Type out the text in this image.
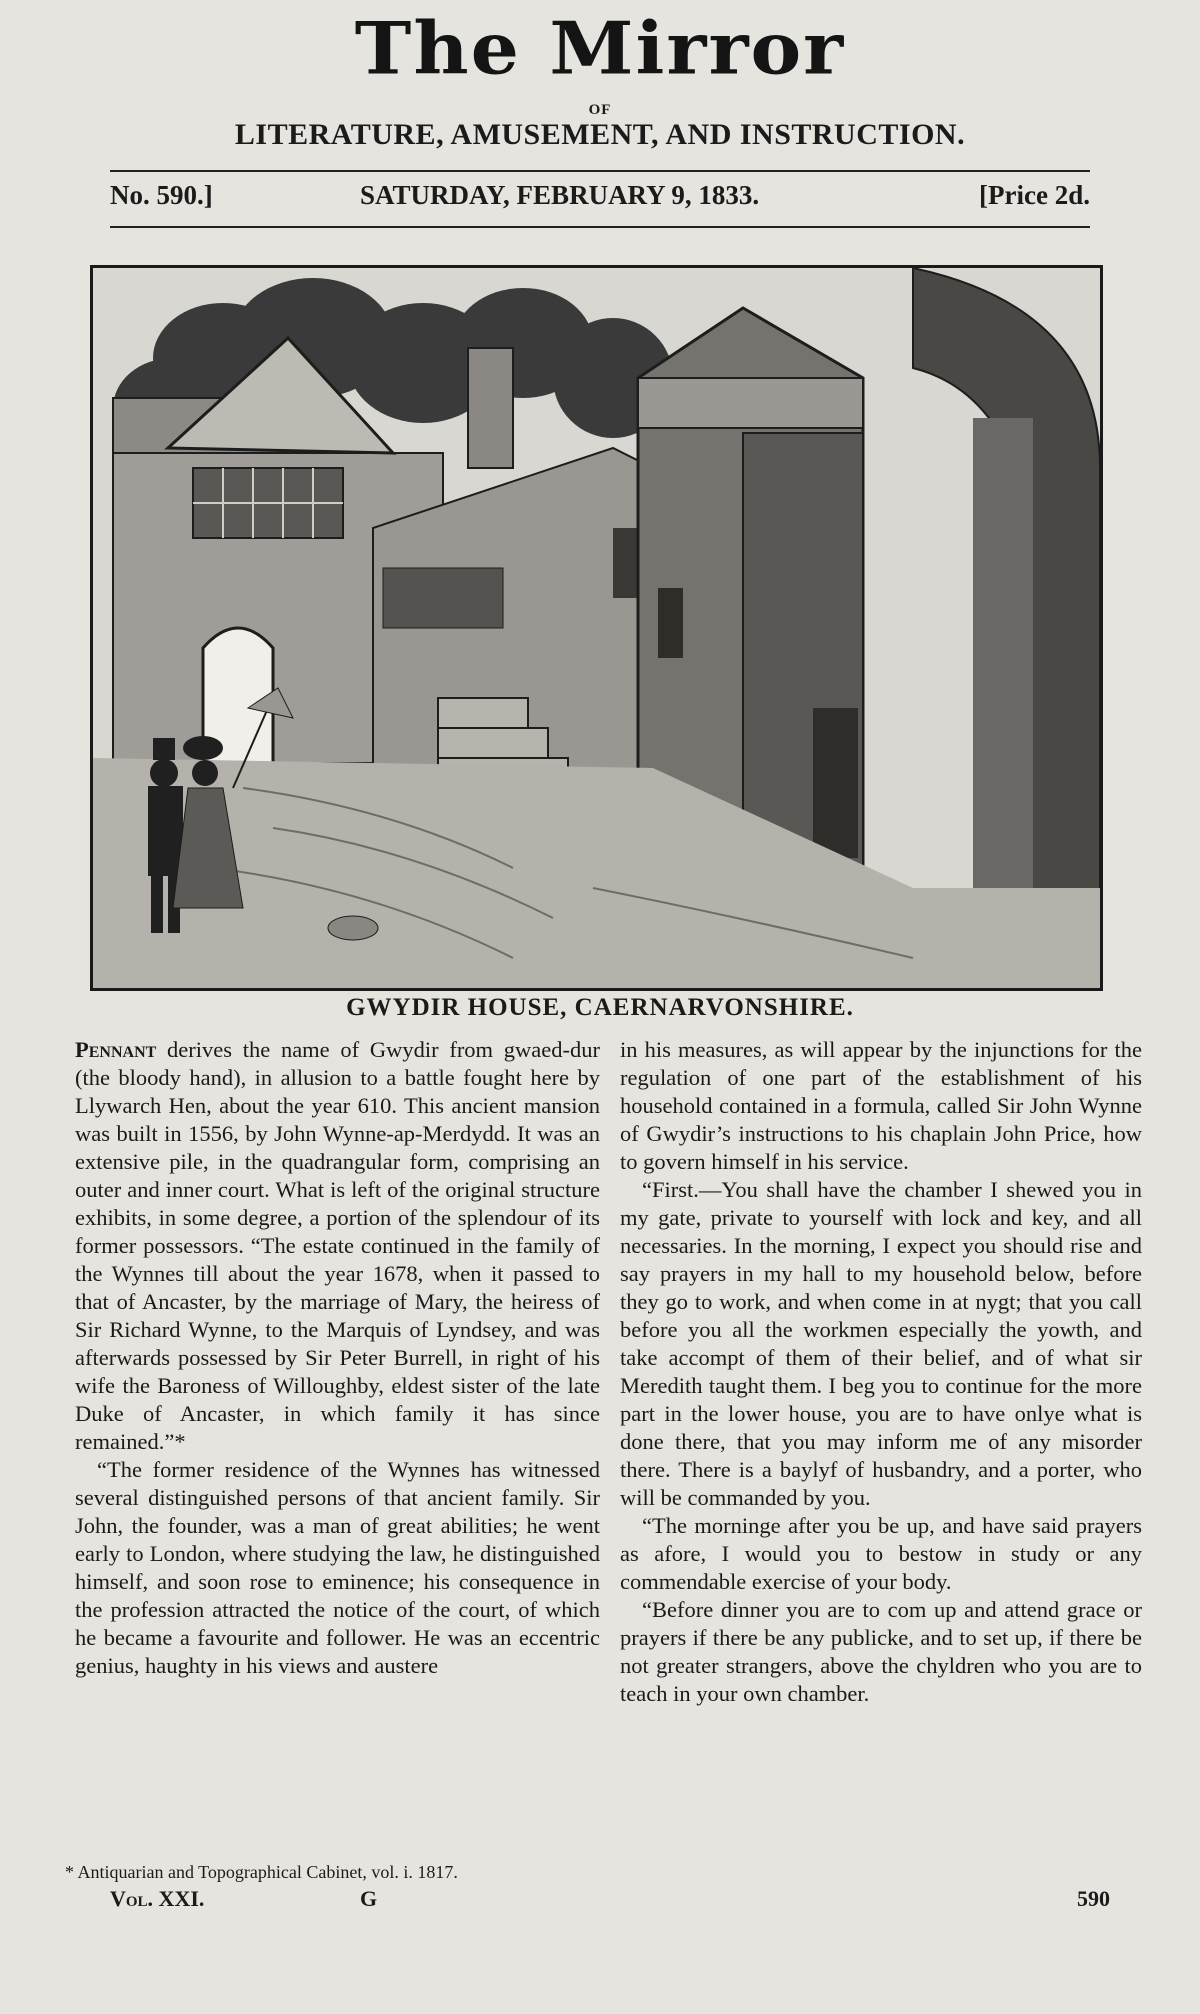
The Mirror
OF
LITERATURE, AMUSEMENT, AND INSTRUCTION.
No. 590.]	SATURDAY, FEBRUARY 9, 1833.	[Price 2d.
GWYDIR HOUSE, CAERNARVONSHIRE.

Pennant derives the name of Gwydir from gwaed-dur (the bloody hand), in allusion to a battle fought here by Llywarch Hen, about the year 610. This ancient mansion was built in 1556, by John Wynne-ap-Merdydd. It was an extensive pile, in the quadrangular form, comprising an outer and inner court. What is left of the original structure exhibits, in some degree, a portion of the splendour of its former possessors. “The estate continued in the family of the Wynnes till about the year 1678, when it passed to that of Ancaster, by the marriage of Mary, the heiress of Sir Richard Wynne, to the Marquis of Lyndsey, and was afterwards possessed by Sir Peter Burrell, in right of his wife the Baroness of Willoughby, eldest sister of the late Duke of Ancaster, in which family it has since remained.”*

“The former residence of the Wynnes has witnessed several distinguished persons of that ancient family. Sir John, the founder, was a man of great abilities; he went early to London, where studying the law, he distinguished himself, and soon rose to eminence; his consequence in the profession attracted the notice of the court, of which he became a favourite and follower. He was an eccentric genius, haughty in his views and austere

in his measures, as will appear by the injunctions for the regulation of one part of the establishment of his household contained in a formula, called Sir John Wynne of Gwydir’s instructions to his chaplain John Price, how to govern himself in his service.

“First.—You shall have the chamber I shewed you in my gate, private to yourself with lock and key, and all necessaries. In the morning, I expect you should rise and say prayers in my hall to my household below, before they go to work, and when come in at nygt; that you call before you all the workmen especially the yowth, and take accompt of them of their belief, and of what sir Meredith taught them. I beg you to continue for the more part in the lower house, you are to have onlye what is done there, that you may inform me of any misorder there. There is a baylyf of husbandry, and a porter, who will be commanded by you.

“The morninge after you be up, and have said prayers as afore, I would you to bestow in study or any commendable exercise of your body.

“Before dinner you are to com up and attend grace or prayers if there be any publicke, and to set up, if there be not greater strangers, above the chyldren who you are to teach in your own chamber.

* Antiquarian and Topographical Cabinet, vol. i. 1817.
Vol. XXI.	G	590
